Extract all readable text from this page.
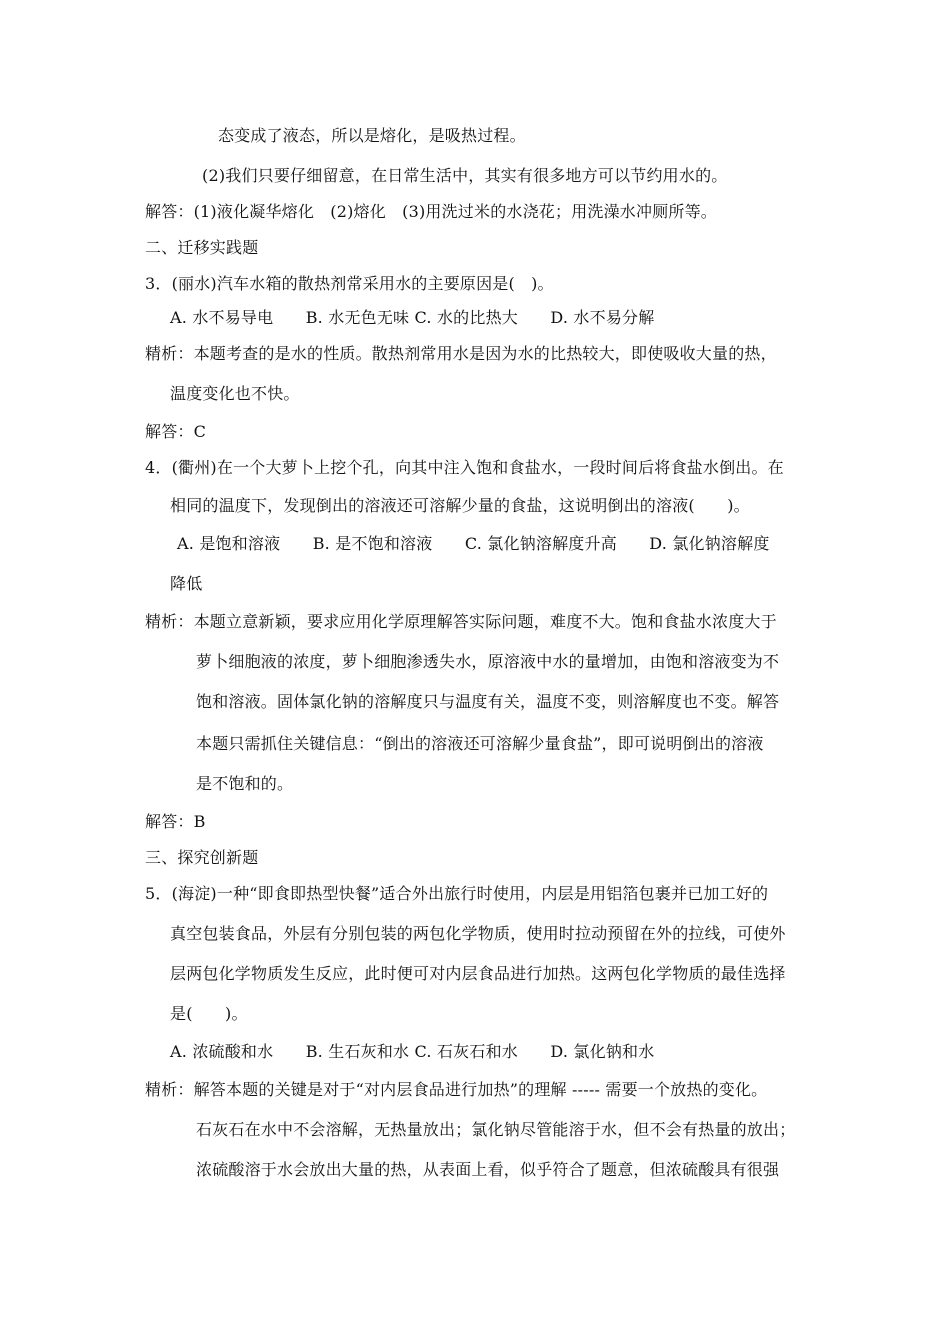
态变成了液态，所以是熔化，是吸热过程。
(2)我们只要仔细留意，在日常生活中，其实有很多地方可以节约用水的。
解答：(1)液化凝华熔化　(2)熔化　(3)用洗过米的水浇花；用洗澡水冲厕所等。
二、迁移实践题
3．(丽水)汽车水箱的散热剂常采用水的主要原因是(　)。
A. 水不易导电　　B. 水无色无味 C. 水的比热大　　D. 水不易分解
精析：本题考查的是水的性质。散热剂常用水是因为水的比热较大，即使吸收大量的热，
温度变化也不快。
解答：C
4．(衢州)在一个大萝卜上挖个孔，向其中注入饱和食盐水，一段时间后将食盐水倒出。在
相同的温度下，发现倒出的溶液还可溶解少量的食盐，这说明倒出的溶液(　　)。
A. 是饱和溶液　　B. 是不饱和溶液　　C. 氯化钠溶解度升高　　D. 氯化钠溶解度
降低
精析：本题立意新颖，要求应用化学原理解答实际问题，难度不大。饱和食盐水浓度大于
萝卜细胞液的浓度，萝卜细胞渗透失水，原溶液中水的量增加，由饱和溶液变为不
饱和溶液。固体氯化钠的溶解度只与温度有关，温度不变，则溶解度也不变。解答
本题只需抓住关键信息：“倒出的溶液还可溶解少量食盐”，即可说明倒出的溶液
是不饱和的。
解答：B
三、探究创新题
5．(海淀)一种“即食即热型快餐”适合外出旅行时使用，内层是用铝箔包裹并已加工好的
真空包装食品，外层有分别包装的两包化学物质，使用时拉动预留在外的拉线，可使外
层两包化学物质发生反应，此时便可对内层食品进行加热。这两包化学物质的最佳选择
是(　　)。
A. 浓硫酸和水　　B. 生石灰和水 C. 石灰石和水　　D. 氯化钠和水
精析：解答本题的关键是对于“对内层食品进行加热”的理解 ----- 需要一个放热的变化。
石灰石在水中不会溶解，无热量放出；氯化钠尽管能溶于水，但不会有热量的放出；
浓硫酸溶于水会放出大量的热，从表面上看，似乎符合了题意，但浓硫酸具有很强
